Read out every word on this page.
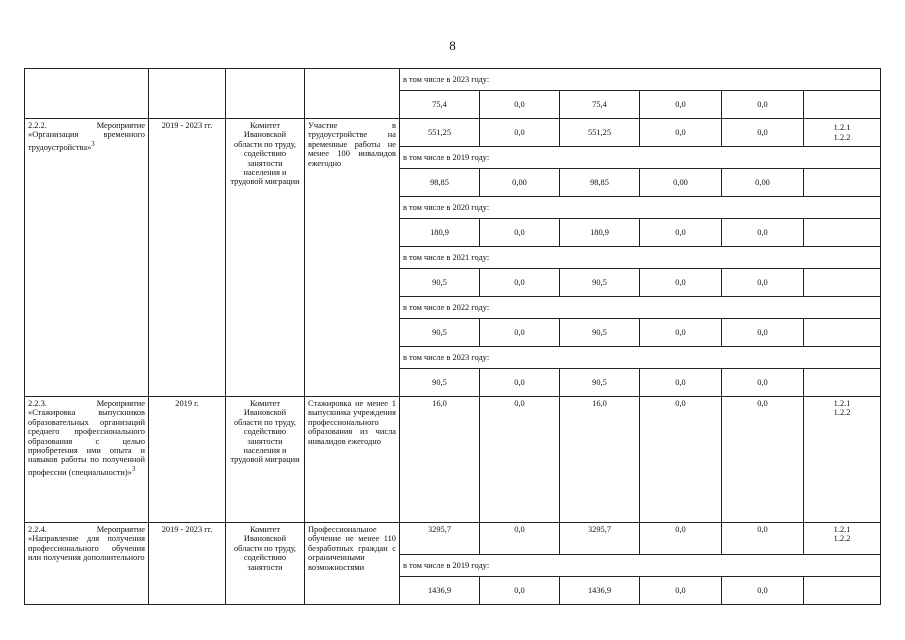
8
				в том числе в 2023 году:					
				75,4	0,0	75,4	0,0	0,0	
2.2.2. Мероприятие «Организация временного трудоустройства»$^3$	2019 - 2023 гг.	Комитет Ивановской области по труду, содействию занятости населения и трудовой миграции	Участие в трудоустройстве на временные работы не менее 100 инвалидов ежегодно	551,25	0,0	551,25	0,0	0,0	1.2.1
1.2.2
				в том числе в 2019 году:					
				98,85	0,00	98,85	0,00	0,00	
				в том числе в 2020 году:					
				180,9	0,0	180,9	0,0	0,0	
				в том числе в 2021 году:					
				90,5	0,0	90,5	0,0	0,0	
				в том числе в 2022 году:					
				90,5	0,0	90,5	0,0	0,0	
				в том числе в 2023 году:					
				90,5	0,0	90,5	0,0	0,0	
2.2.3. Мероприятие «Стажировка выпускников образовательных организаций среднего профессионального образования с целью приобретения ими опыта и навыков работы по полученной профессии (специальности)»$^3$	2019 г.	Комитет Ивановской области по труду, содействию занятости населения и трудовой миграции	Стажировка не менее 1 выпускника учреждения профессионального образования из числа инвалидов ежегодно	16,0	0,0	16,0	0,0	0,0	1.2.1
1.2.2
2.2.4. Мероприятие «Направление для получения профессионального обучения или получения дополнительного	2019 - 2023 гг.	Комитет Ивановской области по труду, содействию занятости	Профессиональное обучение не менее 110 безработных граждан с ограниченными возможностями	3295,7	0,0	3295,7	0,0	0,0	1.2.1
1.2.2
				в том числе в 2019 году:					
				1436,9	0,0	1436,9	0,0	0,0	
